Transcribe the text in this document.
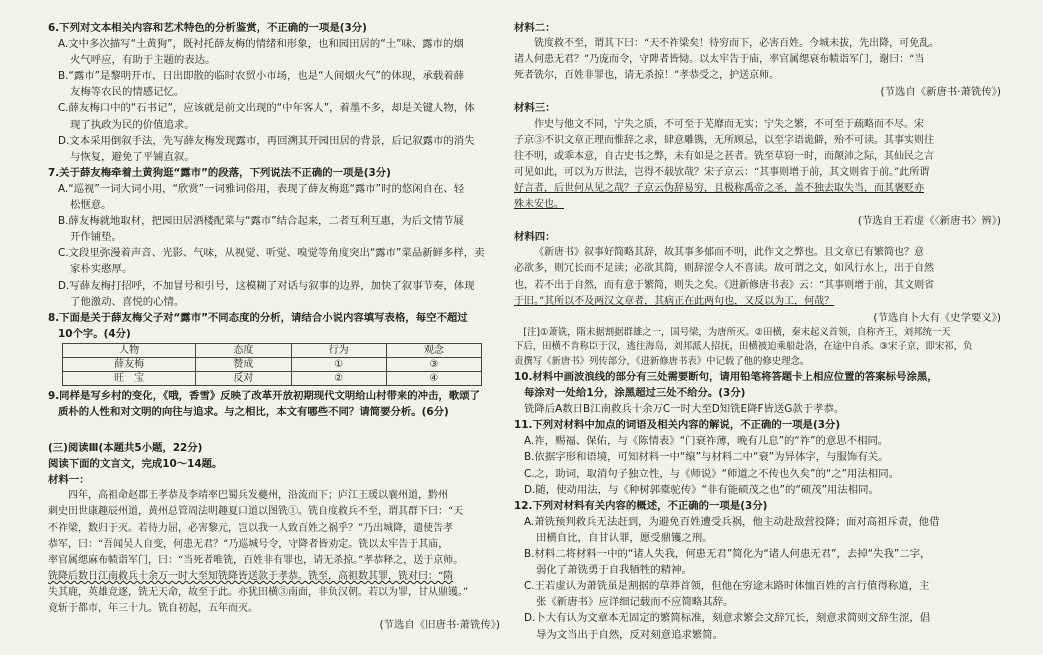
6.下列对文本相关内容和艺术特色的分析鉴赏，不正确的一项是(3分)
A.文中多次描写“土黄狗”，既衬托薛友梅的情绪和形象，也和园田居的“土”味、露市的烟
火气呼应，有助于主题的表达。
B.“露市”是黎明开市、日出即散的临时农贸小市场，也是“人间烟火气”的体现，承载着薛
友梅等农民的情感记忆。
C.薛友梅口中的“石书记”，应该就是前文出现的“中年客人”，着墨不多，却是关键人物，体
现了执政为民的价值追求。
D.文本采用倒叙手法，先写薛友梅发现露市，再回溯其开园田居的背景，后记叙露市的消失
与恢复，避免了平铺直叙。
7.关于薛友梅牵着土黄狗逛“露市”的段落，下列说法不正确的一项是(3分)
A.“巡视”一词大词小用，“欣赏”一词雅词俗用，表现了薛友梅逛“露市”时的悠闲自在、轻
松惬意。
B.薛友梅就地取材，把园田居酒楼配菜与“露市”结合起来，二者互利互惠，为后文情节展
开作铺垫。
C.文段里弥漫着声音、光影、气味，从视觉、听觉、嗅觉等角度突出“露市”菜品新鲜多样，卖
家朴实憨厚。
D.写薛友梅打招呼，不加冒号和引号，这模糊了对话与叙事的边界，加快了叙事节奏，体现
了他激动、喜悦的心情。
8.下面是关于薛友梅父子对“露市”不同态度的分析，请结合小说内容填写表格，每空不超过
10个字。(4分)
人物	态度	行为	观念
薛友梅	赞成	①	③
旺　宝	反对	②	④
9.同样是写乡村的变化，《哦，香雪》反映了改革开放初期现代文明给山村带来的冲击，歌颂了
质朴的人性和对文明的向往与追求。与之相比，本文有哪些不同？请简要分析。(6分)
(三)阅读Ⅲ(本题共5小题，22分)
阅读下面的文言文，完成10～14题。
材料一：
四年，高祖命赵郡王孝恭及李靖率巴蜀兵发夔州，沿流而下；庐江王瑗以襄州道，黔州
刺史田世康趣辰州道，黄州总管周法明趣夏口道以图铣①。铣自度救兵不至，谓其群下曰：“天
不祚梁，数归于灭。若待力屈，必害黎元，岂以我一人致百姓之祸乎？”乃出城降，遣使告孝
恭军，曰：“吾闻吴人自变，何患无君？”乃巡城号令，守降者皆劝定。铣以太牢告于其庙，
率官属缌麻布帻诣军门，曰：“当死者唯铣，百姓非有罪也，请无杀掠。”孝恭释之，送于京师。
铣降后数日江南救兵十余万一时大至知铣降皆送款于孝恭。铣至，高祖数其罪，铣对曰：“隋
失其鹿，英雄竞逐，铣无天命，故至于此。亦犹田横③南面，非负汉朝。若以为罪，甘从鼎镬。”
竟斩于都市，年三十九。铣自初起，五年而灭。
(节选自《旧唐书·萧铣传》)
材料二：
铣度救不至，谓其下曰：“天不祚梁矣！待穷而下，必害百姓。今城未拔，先出降，可免乱。
诸人何患无君？”乃庞而令，守陴者皆恸。以太牢告于庙，率官属缌衰布帻诣军门，谢曰：“当
死者铣尔，百姓非罪也，请无杀掠！”孝恭受之，护送京师。
(节选自《新唐书·萧铣传》)
材料三：
作史与他文不同，宁失之质，不可至于芜靡而无实；宁失之繁，不可至于疏略而不尽。宋
子京③不识文章正理而惟辞之求，肆意雕镌，无所顾忌，以至字语诡僻，殆不可读。其事实则往
往不明，或乖本意，自古史书之弊，未有如是之甚者。铣至草窃一时，而颠沛之际，其仙民之言
可见如此，可以为万世法，岂得不载欤哉？宋子京云：“其事则增于前，其文则省于前。”此所谓
好言者，后世何从见之哉？子京云伪辞易穷，且极称禹帝之圣，盖不独去取失当，而其褒贬亦
殊未安也。
(节选自王若虚《〈新唐书〉辨》)
材料四：
《新唐书》叙事好简略其辞，故其事多郁而不明，此作文之弊也。且文章已有繁简也？意
必欲多，则冗长而不足读；必欲其简，则辞涩令人不喜读。故可谓之文，如风行水上，出于自然
也，若不出于自然，而有意于繁简，则失之矣。《进新修唐书表》云：“其事则增于前，其文则省
于旧。”其所以不及两汉文章者，其病正在此两句也，又反以为工，何哉？
(节选自卜大有《史学要义》)
[注]①萧铣，隋末据割据群雄之一，国号梁，为唐所灭。②田横，秦末起义首领，自称齐王，刘邦统一天
下后，田横不肯称臣于汉，逃往海岛，刘邦派人招抚，田横被迫乘船赴洛，在途中自杀。③宋子京，即宋祁，负
责撰写《新唐书》列传部分，《进新修唐书表》中记载了他的修史理念。
10.材料中画波浪线的部分有三处需要断句，请用铅笔将答题卡上相应位置的答案标号涂黑，
每涂对一处给1分，涂黑超过三处不给分。(3分)
铣降后A数日B江南救兵十余万C一时大至D知铣E降F皆送G款于孝恭。
11.下列对材料中加点的词语及相关内容的解说，不正确的一项是(3分)
A.祚，赐福、保佑，与《陈情表》“门衰祚薄，晚有儿息”的“祚”的意思不相同。
B.依据字形和语境，可知材料一中“缞”与材料二中“衰”为异体字，与服饰有关。
C.之，助词，取消句子独立性，与《师说》“师道之不传也久矣”的“之”用法相同。
D.随，使动用法，与《种树郭橐驼传》“非有能硕茂之也”的“硕茂”用法相同。
12.下列对材料有关内容的概述，不正确的一项是(3分)
A.萧铣预判救兵无法赶到，为避免百姓遭受兵祸，他主动赴敌营投降；面对高祖斥责，他借
田横自比，自甘认罪，愿受鼎镬之刑。
B.材料二将材料一中的“诸人失我，何患无君”简化为“诸人何患无君”，去掉“失我”二字，
弱化了萧铣勇于自我牺牲的精神。
C.王若虚认为萧铣虽是割据的草莽首领，但他在穷途末路时体恤百姓的言行值得称道，主
张《新唐书》应详细记载而不应简略其辞。
D.卜大有认为文章本无固定的繁简标准，刻意求繁会文辞冗长，刻意求简则文辞生涩，倡
导为文当出于自然，反对刻意追求繁简。
